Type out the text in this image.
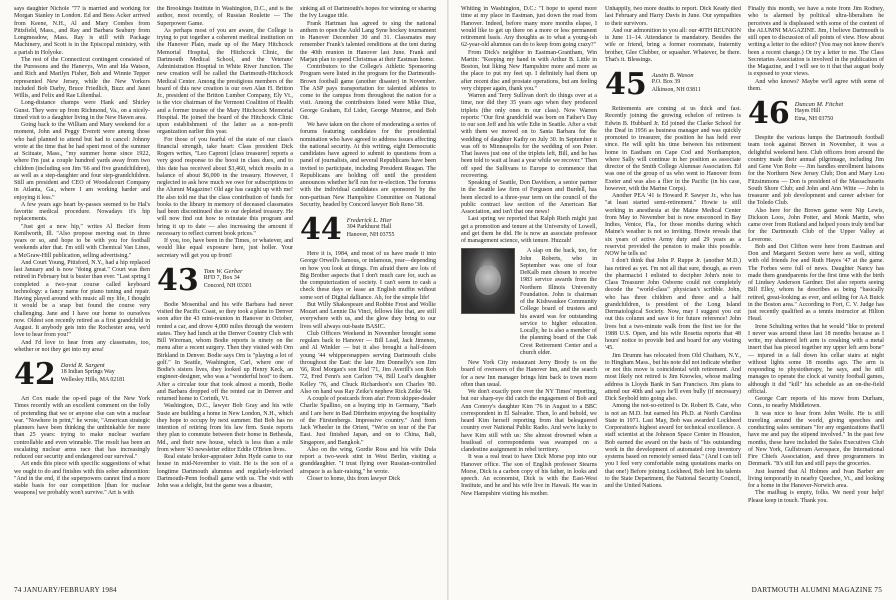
says daughter Nichole "77 is married and working for Morgan Stanley in London. Ed and Bess Acker arrived from Keene, N.H., Al and Mary Combes from Pittsfield, Mass., and Ray and Barbara Seabury from Longmeadow, Mass. Ray is still with Package Machinery, and Scott is in the Episcopal ministry, with a parish in Holyoke.

The rest of the Connecticut contingent consisted of the Puressons and the Hanevys, Win and Ida Watson, and Rich and Marilyn Fisher, Bob and Winnie Tepper represented New Jersey, while the New Yorkers included Bob Darby, Bruce Friedlich, Buzz and Janet Willis, and Felix and Rae Lilienthal.

Long-distance champs were Hank and Shirley Gunst. They were up from Richmond, Va., on a nicely-timed visit to a daughter living in the New Haven area.

Going back to the William and Mary weekend for a moment, John and Peggy Everett were among those who had planned to attend but had to cancel: Johnny wrote at the time that he had spent most of the summer at Scituate, Mass., "my summer home since 1922, where I'm just a couple hundred yards away from two children (including son Jim '66 and five grandchildren), as well as a step-daughter and four step-grandchildren. Still am president and CEO of Woodalcourt Company in Atlanta, Ga., where I am working harder and enjoying it less."

A few years ago heart by-passes seemed to be Hal's favorite medical procedure. Nowadays it's hip replacements.

"Just got a new hip," writes Al Becker from Kenilworth, Ill. "Also propose moving east in three years or so, and hope to be with you for football weekends after that. I'm still with Chemical Van Lines, a McGraw-Hill publication, selling advertising."

And Court Young, Pittsford, N.Y., had a hip replaced last January and is now "doing great." Court was then retired in February but is busier than ever. "Last spring I completed a two-year course called keyboard technology: a fancy name for piano tuning and repair. Having played around with music all my life, I thought it would be a snap but found the course very challenging. Jane and I have our home to ourselves now. Oldest son recently retired as a first grandchild in August. It anybody gets into the Rochester area, we'd love to hear from you!"

And I'd love to hear from any classmates, too, whether or not they get into my area!

42 David R. Sargent
18 Indian Springs Way
Wellesley Hills, MA 02181

Art Cox made the op-ed page of the New York Times recently with an excellent comment on the folly of pretending that we or anyone else can win a nuclear war. "Nowhere in print," he wrote, "American strategic planners have been thinking the unthinkable for more than 25 years: trying to make nuclear warfare controllable and even winnable. The result has been an escalating nuclear arms race that has increasingly reduced our security and endangered our survival."

Art ends this piece with specific suggestions of what we ought to do and finishes with this sober admonition: "And in the end, if the superpowers cannot find a more stable basis for our competition [than for nuclear weapons] we probably won't survive." Art is with

the Brookings Institute in Washington, D.C., and is the author, most recently, of Russian Roulette — The Superpower Game.

As perhaps most of you are aware, the College is trying to put together a coherent medical institution on the Hanover Plain, made up of the Mary Hitchcock Memorial Hospital, the Hitchcock Clinic, the Dartmouth Medical School, and the Veterans' Administration Hospital in White River Junction. The new creation will be called the Dartmouth-Hitchcock Medical Center. Among the prestigious members of the board of this new creation is our own Alan H. Britton Jr., president of the Britton Lumber Company, Ely Vt., is the vice chairman of the Vermont Coalition of Health and a former trustee of the Mary Hitchcock Memorial Hospital. He joined the board of the Hitchcock Clinic upon establishment of the latter as a non-profit organization earlier this year.

For those of you fearful of the state of our class's financial strength, take heart: Class president Dick Rogers writes, "Leo Caproni [class treasurer] reports a very good response to the boost in class dues, and to this date has received about $3,460, which results in a balance of about $6,000 in the treasury. However, I neglected to ask how much we owe for subscriptions to the Alumni Magazine! Old age has caught up with me! He also told me that the class contribution of funds for books to the library in memory of deceased classmates had been discontinued due to our depleted treasury. He will now find out how to reinstate this program and bring it up to date — also increasing the amount if necessary to reflect current book prices."

If you, too, have been in the Times, or whatever, and would like equal exposure here, just holler. Your secretary will get you up front!

43 Tom W. Gerber
RFD 7, Box 34
Concord, NH 03301

Bodie Mosenthal and his wife Barbara had never visited the Pacific Coast, so they took a plane to Denver soon after the 43 mini-reunion in Hanover in October, rented a car, and drove 4,000 miles through the western states. They had lunch at the Denver Country Club with Bill Wireman, whom Bodie reports is ninety on the menu after a recent surgery. Then they visited with Orn Birkland in Denver. Bodie says Orn is "playing a lot of golf." In Seattle, Washington, Carl, where one of Bodie's sisters lives, they looked up Henry Keck, an engineer-designer, who was a "wonderful host" to them. After a circular tour that took almost a month, Bodie and Barbara dropped off the rented car in Denver and returned home to Corinth, Vt.

Washington, D.C., lawyer Bob Gray and his wife Susie are building a home in New London, N.H., which they hope to occupy by next summer. But Bob has no intention of retiring from his law firm. Susie reports they plan to commute between their home in Bethesda, Md., and their new house, which is less than a mile from where '43 newsletter editor Eddie O'Brien lives.

Real estate broker-appraiser John Hyde came to our house in mid-November to visit. He is the son of a longtime Dartmouth alumnus and regularly-televised Dartmouth-Penn football game with us. The visit with John was a delight, but the game was a disaster,

sinking all of Dartmouth's hopes for winning or sharing the Ivy League title.

Frank Hartman has agreed to sing the national anthem to open the Auld Lang Syne hockey tournament in Hanover December 30 and 31. Classmates may remember Frank's talented renditions at the tent during the 40th reunion in Hanover last June. Frank and Marjan plan to spend Christmas at their Eastman home.

Contributors to the College's Athletic Sponsoring Program were listed in the program for the Dartmouth-Brown football game (another disaster) in November. The ASP pays transportation for talented athletes to come to the campus from throughout the nation for a visit. Among the contributors listed were Mike Diaz, George Graham, Ed Lider, George Munroe, and Bob Ott.

We have taken on the chore of moderating a series of forums featuring candidates for the presidential nomination who have agreed to address issues affecting the national security. At this writing, eight Democratic candidates have agreed to submit to questions from a panel of journalists, and several Republicans have been invited to participate, including President Reagan. The Republicans are holding off until the president announces whether he'll run for re-election. The forums with the individual candidates are sponsored by the non-partisan New Hampshire Committee on National Security, headed by Concord lawyer Bob Reno '38.

44 Frederick L. Hier
304 Parkhurst Hall
Hanover, NH 03755

Here it is, 1984, and most of us have made it into George Orwell's famous, or infamous, year—depending on how you look at things. I'm afraid there are lots of Big Brother aspects that I don't much care for, such as the computerization of society. I can't seem to cash a check these days or lease an English muffin without some sort of Digital dalliance. Ah, for the simple life!

But Willy Shakespeare and Robbie Frost and Wollie Mozart and Lennie Da Vinci, fellows like that, are still everywhere with us, and the glow they bring to our lives will always out-baste BASIC.

Club Officers Weekend in November brought some regulars back to Hanover — Bill Lead, Jack Jimenes, and Al Winkler — but it also brought a half-dozen young '44 whippersnappers serving Dartmouth clubs throughout the East: the late Jim Donnelly's son Jim '66, Rod Morgan's son Rod '71, Jim Averill's son Rob '72, Fred Fenn's son Carlton '74, Bill Leaf's daughter Kelley '76, and Chuck Richardson's son Charles '80. Also on hand was Ray Zeike's nephew Rick Zeike '84.

A couple of postcards from afar: From skipper-dealer Charlie Spallino, on a buying trip in Germany, "Barb and I are here in Bad Dürrheim enjoying the hospitality of the Fürstenbergs. Impressive country." And from Jack Wheeler in the Orient, "We're on tour of the Far East. Just finished Japan, and on to China, Bali, Singapore, and Bangkok."

Also on the wing, Gordie Ross and his wife Dula report a two-week stint in West Berlin, visiting a granddaughter. "I trust flying over Russian-controlled airspace is as hair-raising," he wrote.

Closer to home, this from lawyer Dick

74 JANUARY/FEBRUARY 1984

Whiting in Washington, D.C.: "I hope to spend more time at my place in Eastman, just down the road from Hanover. Indeed, before many more months elapse, I would like to get up there on a more or less permanent retirement basis. Any thoughts as to what a young-ish 62-year-old alumnus can do to keep from going crazy?"

From Dick's neighbor in Eastman-Grantham, Win Martin: "Keeping my hand in with Arthur B. Little in Boston, but liking New Hampshire more and more as the place to put my feet up. I definitely had them up after recent disc and prostate operations, but am feeling very chipper again, thank you."

Warren and Terry Sullivan don't do things over at a time, nor did they 35 years ago when they produced triplets (the only ones in our class). Now Warren reports: "Our first grandchild was born on Father's Day to our son Jeff and his wife Edie in Seattle. After a visit with them we moved on to Santa Barbara for the wedding of daughter Kathy on July 30. In September it was off to Minneapolis for the wedding of son Peter. That leaves just one of the triplets left, Bill, and he has been told to wait at least a year while we recover." Then off sped the Sullivans to Europe to commence that recovering.

Speaking of Seattle, Don Davidson, a senior partner in the Seattle law firm of Ferguson and Burdell, has been elected to a three-year term on the council of the public contract law section of the American Bar Association, and isn't that one news!

Last spring we reported that Ralph Rieth might just get a promotion and tenure at the University of Lowell, and get them he did. He is now an associate professor of management science, with tenure. Huzzah!

A slap on the back, too, for John Roberts, who in September was one of four DeKalb men chosen to receive 1983 service awards from the Northern Illinois University Foundation. John is chairman of the Kishwaukee Community College board of trustees and his award was for outstanding service to higher education. Locally, he is also a member of the planning board of the Oak Crest Retirement Center and a church elder.

New York City restaurant Jerry Brody is on the board of overseers of the Hanover Inn, and the search for a new Inn manager brings him back to town more often than usual.

We don't exactly pore over the NY Times' reporting, but our sharp-eye did catch the engagement of Bob and Ann Conroy's daughter Kim '76 in August to a BBC correspondent in El Salvador. Then, lo and behold, we heard Kim herself reporting from that beleaguered country over National Public Radio. And we're lucky to have Kim still with us: She almost drowned when a boatload of correspondents was swamped on a clandestine assignment in rebel territory.

It was a real treat to have Dick Morse pop into our Hanover office. The son of English professor Stearns Morse, Dick is a carbon copy of his father, in looks and speech. An economist, Dick is with the East-West Institute, and he and his wife live in Hawaii. He was in New Hampshire visiting his mother.

Unhappily, two more deaths to report. Dick Keady died last February and Harry Davis in June. Our sympathies to their survivors.

And our admonition to you all: our 40TH REUNION is June 11–14. Attendance is mandatory. Besides the wife or friend, bring a former roommate, fraternity brother, Glee Clubber, or squasher. Whatever, be there. That's it. Blessings.

45 Austin B. Wason
P.O. Box 39
Alkinson, NH 03811

Retirements are coming at us thick and fast. Recently joining the growing echelon of retirees is Edwin B. Hubbard Jr. Ed joined the Clarke School for the Deaf in 1956 as business manager and was quickly promoted to treasurer, the position he has held ever since. He will split his time between his retirement home in Eastham on Cape Cod and Northampton, where Sally will continue in her position as associate director of the Smith College Alumnae Association. Ed was one of the group of us who went to Hanover from Exeter and was also a flier in the Pacific (in his case, however, with the Marine Corps).

Another PEA '41 is Howard P. Sawyer Jr., who has "at least started semi-retirement." Howie is still working in anesthesia at the Maine Medical Center from May to November but is now ensconced in Bay Indies, Venice, Fla., for those months during which Maine's weather is not so inviting. Howie reveals that six years of active Army duty and 29 years as a reservist provided the pension to make this possible. NOW he tells us!

I don't think that John P. Ruppe Jr. (another M.D.) has retired as yet. I'm not all that sure, though, as even the pharmacist I enlisted to decipher John's note to Class Treasurer John Osborne could not completely decode the "world-class" physician's scribble. John, who has three children and three and a half grandchildren, is president of the Long Island Dermatological Society. Now, may I suggest you cut out this column and save it for future reference! John lives but a two-minute walk from the first tee for the 1988 U.S. Open, and his wife Rosetta reports that 48 hours' notice to provide bed and board for any visiting '45.

Jim Drumm has relocated from Old Chatham, N.Y., to Hingham Mass., but his note did not indicate whether or not this move is coincidental with retirement. And most likely not retired is Jim Knowles, whose mailing address is Lloyds Bank in San Francisco. Jim plans to attend our 40th and says he'll even bully (if necessary) Dick Seybold into going also.

Among the not-so-retired is Dr. Robert B. Cate, who is not an M.D. but earned his Ph.D. at North Carolina State in 1971. Last May, Bob was awarded Lockheed Corporation's highest award for technical excellence. A staff scientist at the Johnson Space Center in Houston, Bob earned the award on the basis of "his outstanding work in the development of automated crop inventory systems based on remotely sensed data." (And I can tell you I feel very comfortable using quotations marks on that one!) Before joining Lockheed, Bob lent his talents to the State Department, the National Security Council, and the United Nations.

Finally this month, we have a note from Jim Rodney, who is alarmed by political ultra-liberalism he perceives and is displeased with some of the content of the ALUMNI MAGAZINE. Jim, I believe Dartmouth is still open to discussion of all points of view. How about writing a letter to the editor? (You may not know there's been a recent change.) Or try a letter to me. The Class Secretaries Association is involved in the publication of the Magazine, and I will see to it that that august body is exposed to your views.

And who knows? Maybe we'll agree with some of them.

46 Duncan M. Fitchet
Hayes Hill
Etna, NH 03750

Despite the various lumps the Dartmouth football team took against Brown in November, it was a delightful weekend here. Club officers from around the country made their annual pilgrimage, including Jim and Gene Von Rohr — Jim handles enrollment liaisons for the Northern New Jersey Club; Don and Mary Lou Fitzsimmons — Don is president of the Massachusetts South Shore Club; and John and Ann Witte — John is treasurer and job development and career adviser for the Toledo Club.

Also here for the Brown game were Nip Lewis, Dickson Loos, John Potter, and Monk Martin, who came over from Rutland and helped yours truly tend bar for the Dartmouth Club of the Upper Valley at Leverone.

Bob and Dot Clifton were here from Eastman and Don and Margaret Sexton were here as well, sitting with old friends Joe and Ruth Hayes '47 at the game. The Forbes were full of news. Daughter Nancy has made them grandparents for the first time with the birth of Lindsey Anderson Gardner. Dot also reports seeing Bill Elley, whom he describes as being "basically retired, great-looking as ever, and selling for AA Buick in the Boston area." According to Fort, C. V. Judge has just recently qualified as a tennis instructor at Hilton Head.

Irene Schulting writes that he would "like to pretend I never was around these last 18 months because as I write, my shattered left arm is creaking with a metal insert that has pieced together my upper left arm bone" — injured in a fall down his cellar stairs at night without lights some 18 months ago. The arm is responding to physiotherapy, he says, and he still manages to operate the clock at varsity football games, although it did "kill" his schedule as an on-the-field official.

George Carr reports of his move from Durham, Conn., to nearby Middletown.

It was nice to hear from John Wolfe. He is still traveling around the world, giving speeches and conducting sales seminars "for any organizations that'll have me and pay the stipend involved." In the past few months, these have included the Sales Executives Club of New York, Gulfstream Aerospace, the International Fire Chiefs Association, and three programmers in Denmark. "It's still fun and still pays the groceries.

Just learned that Al Holmes and Ivan Barber are living temporarily in nearby Quechee, Vt., and looking for a home in the Hanover-Norwich area.

The mailbag is empty, folks. We need your help! Please keep in touch. Thank you.

DARTMOUTH ALUMNI MAGAZINE 75
